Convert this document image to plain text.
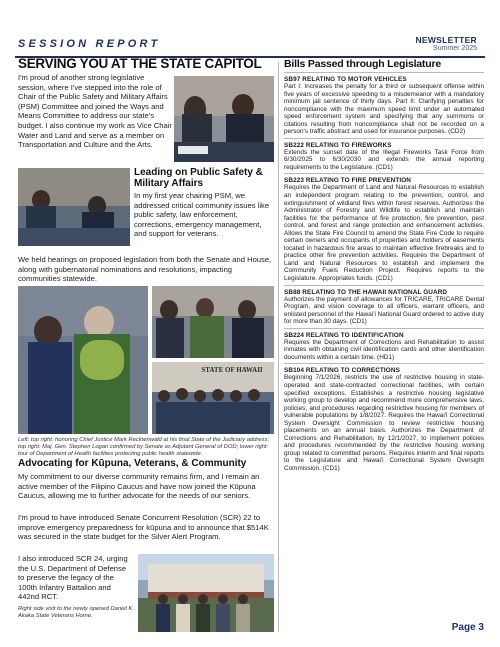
SESSION REPORT	NEWSLETTER
Summer 2025
SERVING YOU AT THE STATE CAPITOL

I'm proud of another strong legislative session, where I've stepped into the role of Chair of the Public Safety and Military Affairs (PSM) Committee and joined the Ways and Means Committee to address our state's budget. I also continue my work as Vice Chair Water and Land and serve as a member on Transportation and Culture and the Arts.

Leading on Public Safety & Military Affairs

In my first year chairing PSM, we addressed critical community issues like public safety, law enforcement, corrections, emergency management, and support for veterans.

We held hearings on proposed legislation from both the Senate and House, along with gubernatorial nominations and resolutions, impacting communities statewide.

STATE OF HAWAII

Left: top right: honoring Chief Justice Mark Recktenwald at his final State of the Judiciary address; top right: Maj. Gen. Stephen Logan confirmed by Senate as Adjutant General of DOD; lower right: tour of Department of Health facilities protecting public health statewide.

Advocating for Kūpuna, Veterans, & Community

My commitment to our diverse community remains firm, and I remain an active member of the Filipino Caucus and have now joined the Kūpuna Caucus, allowing me to further advocate for the needs of our seniors.

I'm proud to have introduced Senate Concurrent Resolution (SCR) 22 to improve emergency preparedness for kūpuna and to announce that $514K was secured in the state budget for the Silver Alert Program.

I also introduced SCR 24, urging the U.S. Department of Defense to preserve the legacy of the 100th Infantry Battalion and 442nd RCT.

Right side visit to the newly opened Daniel K. Akaka State Veterans Home.

Bills Passed through Legislature
SB97 RELATING TO MOTOR VEHICLES
Part I: Increases the penalty for a third or subsequent offense within five years of excessive speeding to a misdemeanor with a mandatory minimum jail sentence of thirty days. Part II: Clarifying penalties for noncompliance with the maximum speed limit under an automated speed enforcement system and specifying that any summons or citations resulting from noncompliance shall not be recorded on a person's traffic abstract and used for insurance purposes. (CD2)
SB222 RELATING TO FIREWORKS
Extends the sunset date of the Illegal Fireworks Task Force from 6/30/2025 to 6/30/2030 and extends the annual reporting requirements to the Legislature. (CD1)
SB223 RELATING TO FIRE PREVENTION
Requires the Department of Land and Natural Resources to establish an independent program relating to the prevention, control, and extinguishment of wildland fires within forest reserves. Authorizes the Administrator of Forestry and Wildlife to establish and maintain facilities for the performance of fire protection, fire prevention, pest control, and forest and range protection and enhancement activities. Allows the State Fire Council to amend the State Fire Code to require certain owners and occupants of properties and holders of easements located in hazardous fire areas to maintain effective firebreaks and to practice other fire prevention activities. Requires the Department of Land and Natural Resources to establish and implement the Community Fuels Reduction Project. Requires reports to the Legislature. Appropriates funds. (CD1)
SB88 RELATING TO THE HAWAII NATIONAL GUARD
Authorizes the payment of allowances for TRICARE, TRICARE Dental Program, and vision coverage to all officers, warrant officers, and enlisted personnel of the Hawai'i National Guard ordered to active duty for more than 30 days. (CD1)
SB224 RELATING TO IDENTIFICATION
Requires the Department of Corrections and Rehabilitation to assist inmates with obtaining civil identification cards and other identification documents within a certain time. (HD1)
SB104 RELATING TO CORRECTIONS
Beginning 7/1/2026, restricts the use of restrictive housing in state-operated and state-contracted correctional facilities, with certain specified exceptions. Establishes a restrictive housing legislative working group to develop and recommend more comprehensive laws, policies, and procedures regarding restrictive housing for members of vulnerable populations by 1/8/2027. Requires the Hawai'i Correctional System Oversight Commission to review restrictive housing placements on an annual basis. Authorizes the Department of Corrections and Rehabilitation, by 12/1/2027, to implement policies and procedures recommended by the restrictive housing working group related to committed persons. Requires interim and final reports to the Legislature and Hawai'i Correctional System Oversight Commission. (CD1)
Page 3
